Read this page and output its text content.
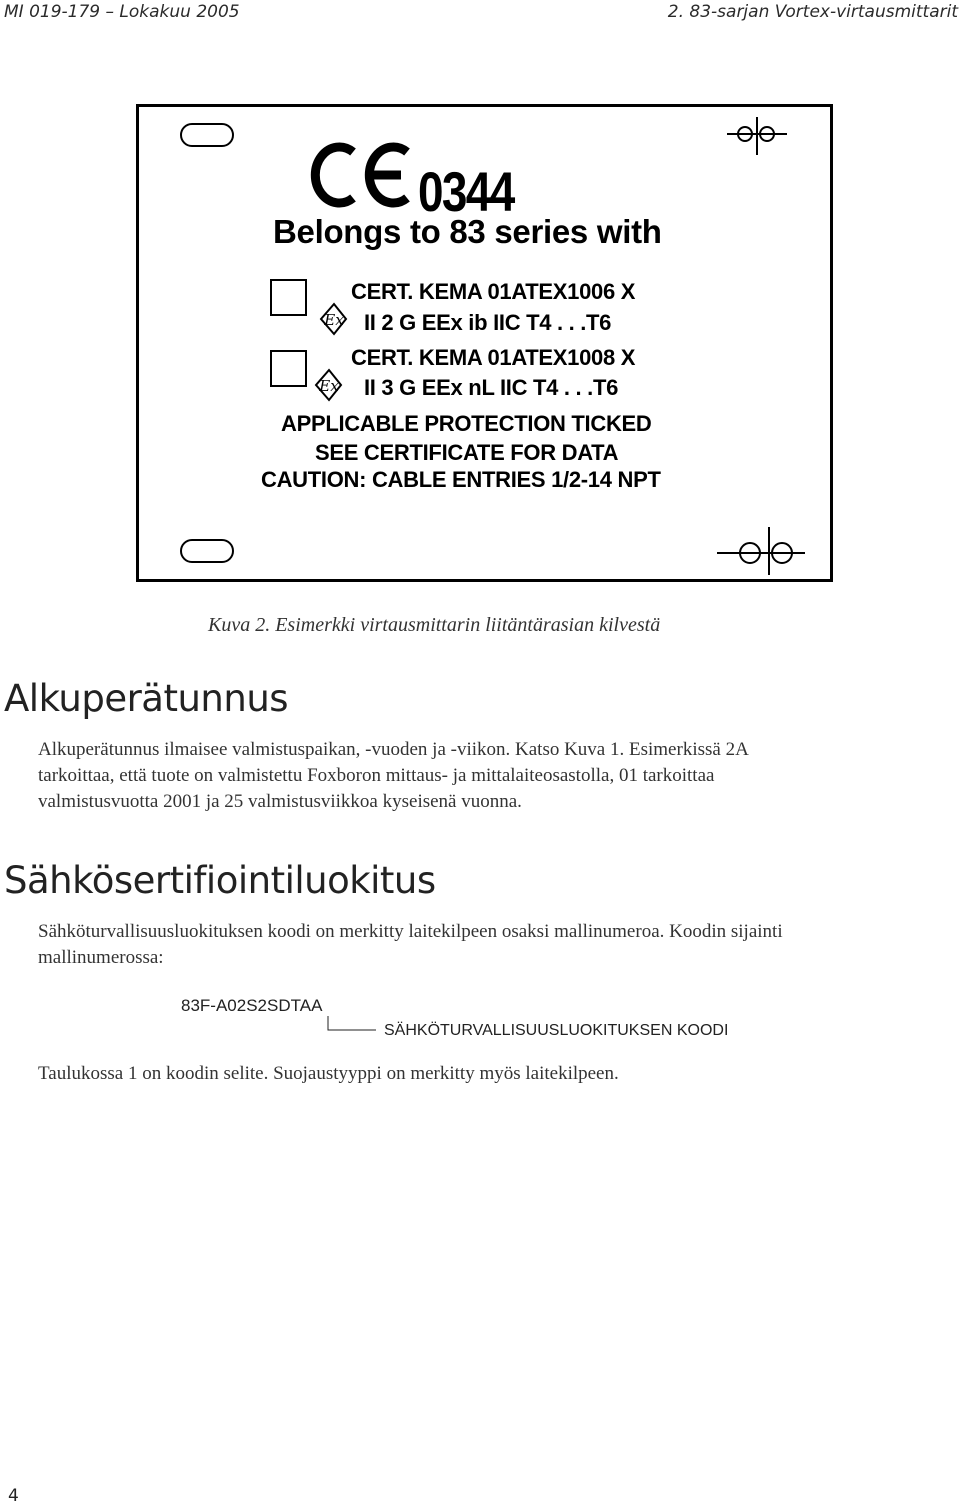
MI 019-179 – Lokakuu 2005	2. 83-sarjan Vortex-virtausmittarit
Ex
Ex
0344
Belongs to 83 series with
CERT. KEMA 01ATEX1006 X
II 2 G EEx ib IIC T4 . . .T6
CERT. KEMA 01ATEX1008 X
II 3 G EEx nL IIC T4 . . .T6
APPLICABLE PROTECTION TICKED
SEE CERTIFICATE FOR DATA
CAUTION: CABLE ENTRIES 1/2-14 NPT
Kuva 2. Esimerkki virtausmittarin liitäntärasian kilvestä
Alkuperätunnus
Alkuperätunnus ilmaisee valmistuspaikan, -vuoden ja -viikon. Katso Kuva 1. Esimerkissä 2A
tarkoittaa, että tuote on valmistettu Foxboron mittaus- ja mittalaiteosastolla, 01 tarkoittaa
valmistusvuotta 2001 ja 25 valmistusviikkoa kyseisenä vuonna.
Sähkösertifiointiluokitus
Sähköturvallisuusluokituksen koodi on merkitty laitekilpeen osaksi mallinumeroa. Koodin sijainti
mallinumerossa:
83F-A02S2SDTAA
SÄHKÖTURVALLISUUSLUOKITUKSEN KOODI
Taulukossa 1 on koodin selite. Suojaustyyppi on merkitty myös laitekilpeen.
4
